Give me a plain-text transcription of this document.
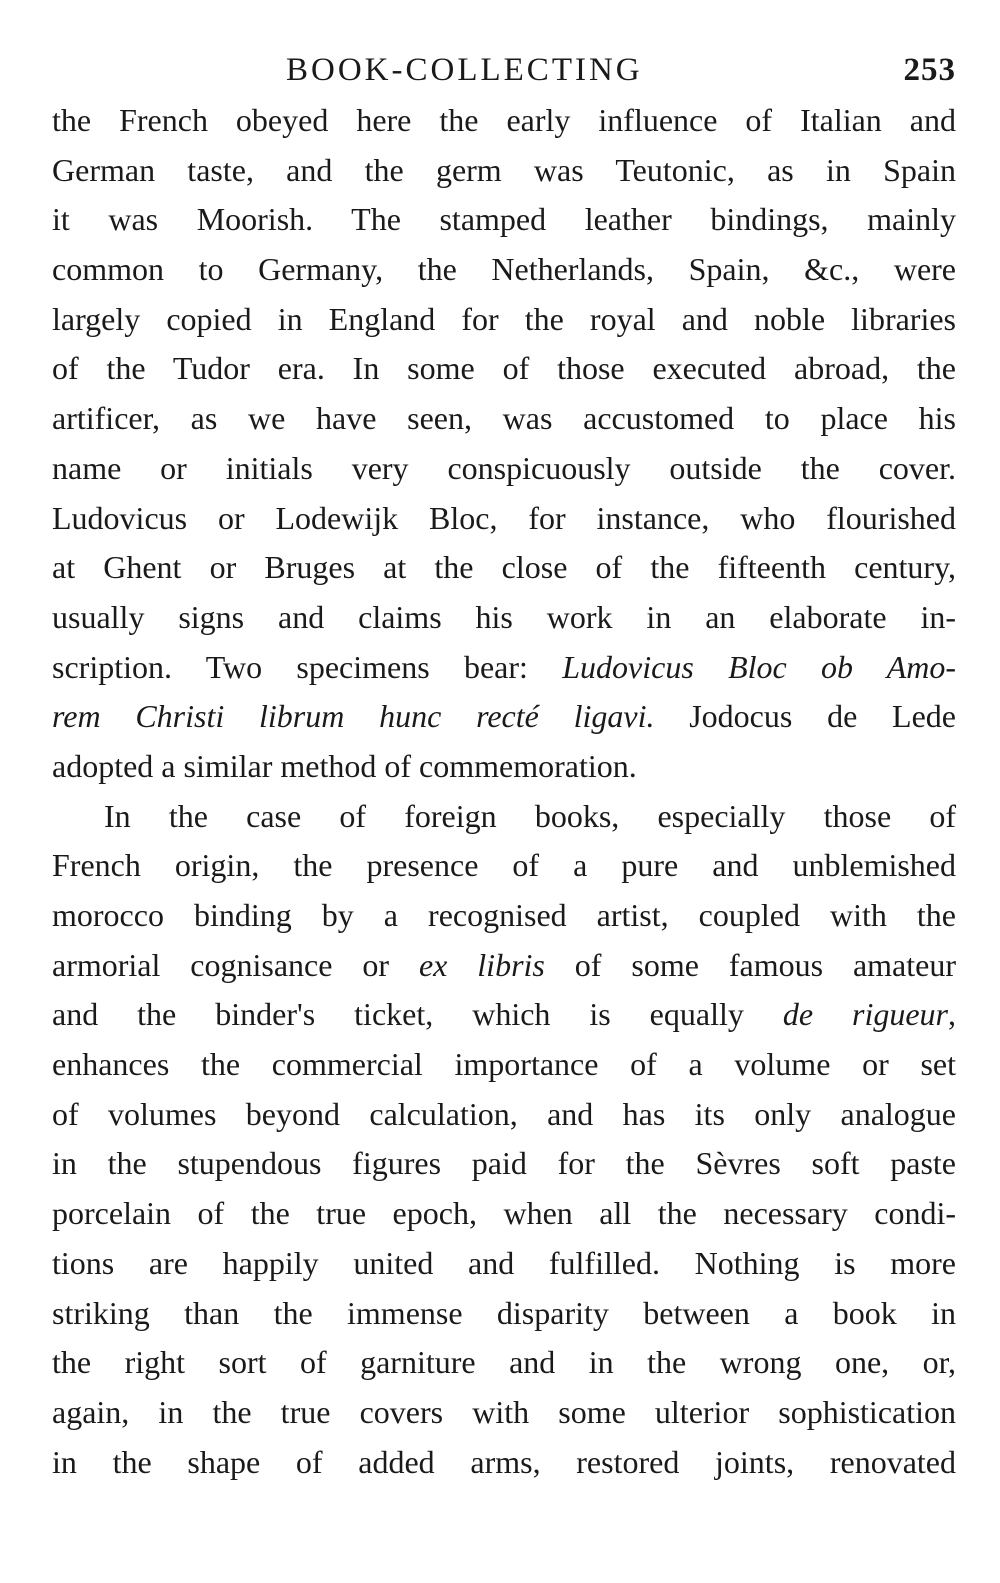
BOOK-COLLECTING	253
the French obeyed here the early influence of Italian and
German taste, and the germ was Teutonic, as in Spain
it was Moorish. The stamped leather bindings, mainly
common to Germany, the Netherlands, Spain, &c., were
largely copied in England for the royal and noble libraries
of the Tudor era. In some of those executed abroad, the
artificer, as we have seen, was accustomed to place his
name or initials very conspicuously outside the cover.
Ludovicus or Lodewijk Bloc, for instance, who flourished
at Ghent or Bruges at the close of the fifteenth century,
usually signs and claims his work in an elaborate in-
scription. Two specimens bear: Ludovicus Bloc ob Amo-
rem Christi librum hunc recté ligavi. Jodocus de Lede
adopted a similar method of commemoration.
In the case of foreign books, especially those of
French origin, the presence of a pure and unblemished
morocco binding by a recognised artist, coupled with the
armorial cognisance or ex libris of some famous amateur
and the binder's ticket, which is equally de rigueur,
enhances the commercial importance of a volume or set
of volumes beyond calculation, and has its only analogue
in the stupendous figures paid for the Sèvres soft paste
porcelain of the true epoch, when all the necessary condi-
tions are happily united and fulfilled. Nothing is more
striking than the immense disparity between a book in
the right sort of garniture and in the wrong one, or,
again, in the true covers with some ulterior sophistication
in the shape of added arms, restored joints, renovated
